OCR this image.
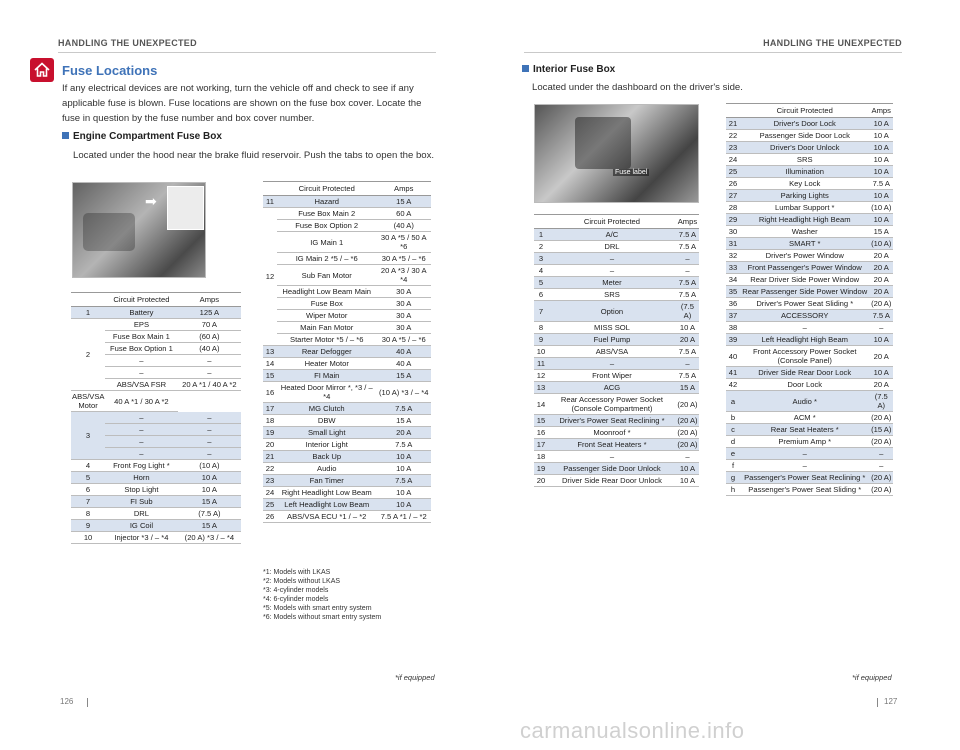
HANDLING THE UNEXPECTED	HANDLING THE UNEXPECTED
Fuse Locations
If any electrical devices are not working, turn the vehicle off and check to see if any applicable fuse is blown. Fuse locations are shown on the fuse box cover. Locate the fuse in question by the fuse number and box cover number.
Engine Compartment Fuse Box
Located under the hood near the brake fluid reservoir. Push the tabs to open the box.
➡
	Circuit Protected	Amps
1	Battery	125 A
2	EPS	70 A
	Fuse Box Main 1	(60 A)
	Fuse Box Option 1	(40 A)
	–	–
	–	–
	ABS/VSA FSR	20 A *1 / 40 A *2
ABS/VSA Motor	40 A *1 / 30 A *2	
3	–	–
	–	–
	–	–
	–	–
4	Front Fog Light *	(10 A)
5	Horn	10 A
6	Stop Light	10 A
7	FI Sub	15 A
8	DRL	(7.5 A)
9	IG Coil	15 A
10	Injector *3 / – *4	(20 A) *3 / – *4
	Circuit Protected	Amps
11	Hazard	15 A
12	Fuse Box Main 2	60 A
	Fuse Box Option 2	(40 A)
	IG Main 1	30 A *5 / 50 A *6
	IG Main 2 *5 / – *6	30 A *5 / – *6
	Sub Fan Motor	20 A *3 / 30 A *4
	Headlight Low Beam Main	30 A
	Fuse Box	30 A
	Wiper Motor	30 A
	Main Fan Motor	30 A
	Starter Motor *5 / – *6	30 A *5 / – *6
13	Rear Defogger	40 A
14	Heater Motor	40 A
15	FI Main	15 A
16	Heated Door Mirror *, *3 / – *4	(10 A) *3 / – *4
17	MG Clutch	7.5 A
18	DBW	15 A
19	Small Light	20 A
20	Interior Light	7.5 A
21	Back Up	10 A
22	Audio	10 A
23	Fan Timer	7.5 A
24	Right Headlight Low Beam	10 A
25	Left Headlight Low Beam	10 A
26	ABS/VSA ECU *1 / – *2	7.5 A *1 / – *2
*1: Models with LKAS
*2: Models without LKAS
*3: 4-cylinder models
*4: 6-cylinder models
*5: Models with smart entry system
*6: Models without smart entry system
*if equipped
126
Interior Fuse Box
Located under the dashboard on the driver's side.
Fuse label
	Circuit Protected	Amps
1	A/C	7.5 A
2	DRL	7.5 A
3	–	–
4	–	–
5	Meter	7.5 A
6	SRS	7.5 A
7	Option	(7.5 A)
8	MISS SOL	10 A
9	Fuel Pump	20 A
10	ABS/VSA	7.5 A
11	–	–
12	Front Wiper	7.5 A
13	ACG	15 A
14	Rear Accessory Power Socket (Console Compartment)	(20 A)
15	Driver's Power Seat Reclining *	(20 A)
16	Moonroof *	(20 A)
17	Front Seat Heaters *	(20 A)
18	–	–
19	Passenger Side Door Unlock	10 A
20	Driver Side Rear Door Unlock	10 A
	Circuit Protected	Amps
21	Driver's Door Lock	10 A
22	Passenger Side Door Lock	10 A
23	Driver's Door Unlock	10 A
24	SRS	10 A
25	Illumination	10 A
26	Key Lock	7.5 A
27	Parking Lights	10 A
28	Lumbar Support *	(10 A)
29	Right Headlight High Beam	10 A
30	Washer	15 A
31	SMART *	(10 A)
32	Driver's Power Window	20 A
33	Front Passenger's Power Window	20 A
34	Rear Driver Side Power Window	20 A
35	Rear Passenger Side Power Window	20 A
36	Driver's Power Seat Sliding *	(20 A)
37	ACCESSORY	7.5 A
38	–	–
39	Left Headlight High Beam	10 A
40	Front Accessory Power Socket (Console Panel)	20 A
41	Driver Side Rear Door Lock	10 A
42	Door Lock	20 A
a	Audio *	(7.5 A)
b	ACM *	(20 A)
c	Rear Seat Heaters *	(15 A)
d	Premium Amp *	(20 A)
e	–	–
f	–	–
g	Passenger's Power Seat Reclining *	(20 A)
h	Passenger's Power Seat Sliding *	(20 A)
*if equipped
127
carmanualsonline.info
